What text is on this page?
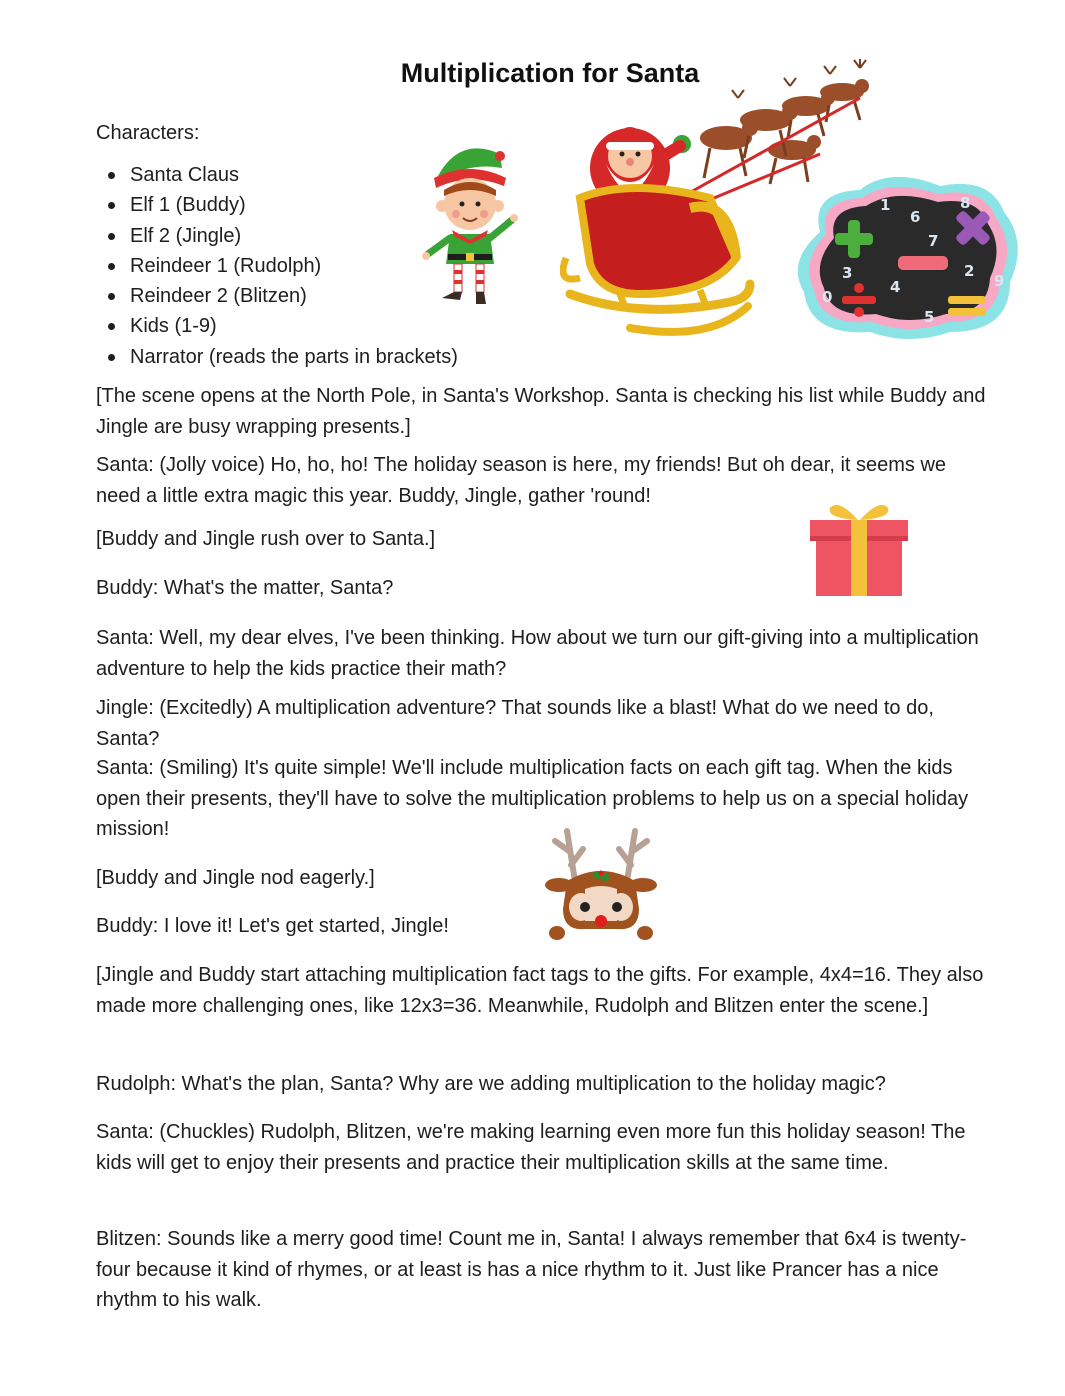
Multiplication for Santa
Characters:
Santa Claus
Elf 1 (Buddy)
Elf 2 (Jingle)
Reindeer 1 (Rudolph)
Reindeer 2 (Blitzen)
Kids (1-9)
Narrator (reads the parts in brackets)

[The scene opens at the North Pole, in Santa's Workshop. Santa is checking his list while Buddy and Jingle are busy wrapping presents.]

Santa: (Jolly voice) Ho, ho, ho! The holiday season is here, my friends! But oh dear, it seems we need a little extra magic this year. Buddy, Jingle, gather 'round!

[Buddy and Jingle rush over to Santa.]

Buddy: What's the matter, Santa?

Santa: Well, my dear elves, I've been thinking. How about we turn our gift-giving into a multiplication adventure to help the kids practice their math?

Jingle: (Excitedly) A multiplication adventure? That sounds like a blast! What do we need to do, Santa?

Santa: (Smiling) It's quite simple! We'll include multiplication facts on each gift tag. When the kids open their presents, they'll have to solve the multiplication problems to help us on a special holiday mission!

[Buddy and Jingle nod eagerly.]

Buddy: I love it! Let's get started, Jingle!

[Jingle and Buddy start attaching multiplication fact tags to the gifts. For example, 4x4=16. They also made more challenging ones, like 12x3=36. Meanwhile, Rudolph and Blitzen enter the scene.]

Rudolph: What's the plan, Santa? Why are we adding multiplication to the holiday magic?

Santa: (Chuckles) Rudolph, Blitzen, we're making learning even more fun this holiday season! The kids will get to enjoy their presents and practice their multiplication skills at the same time.

Blitzen: Sounds like a merry good time! Count me in, Santa! I always remember that 6x4 is twenty-four because it kind of rhymes, or at least is has a nice rhythm to it. Just like Prancer has a nice rhythm to his walk.

1
6
8
7
3	2
9
0
4
5
